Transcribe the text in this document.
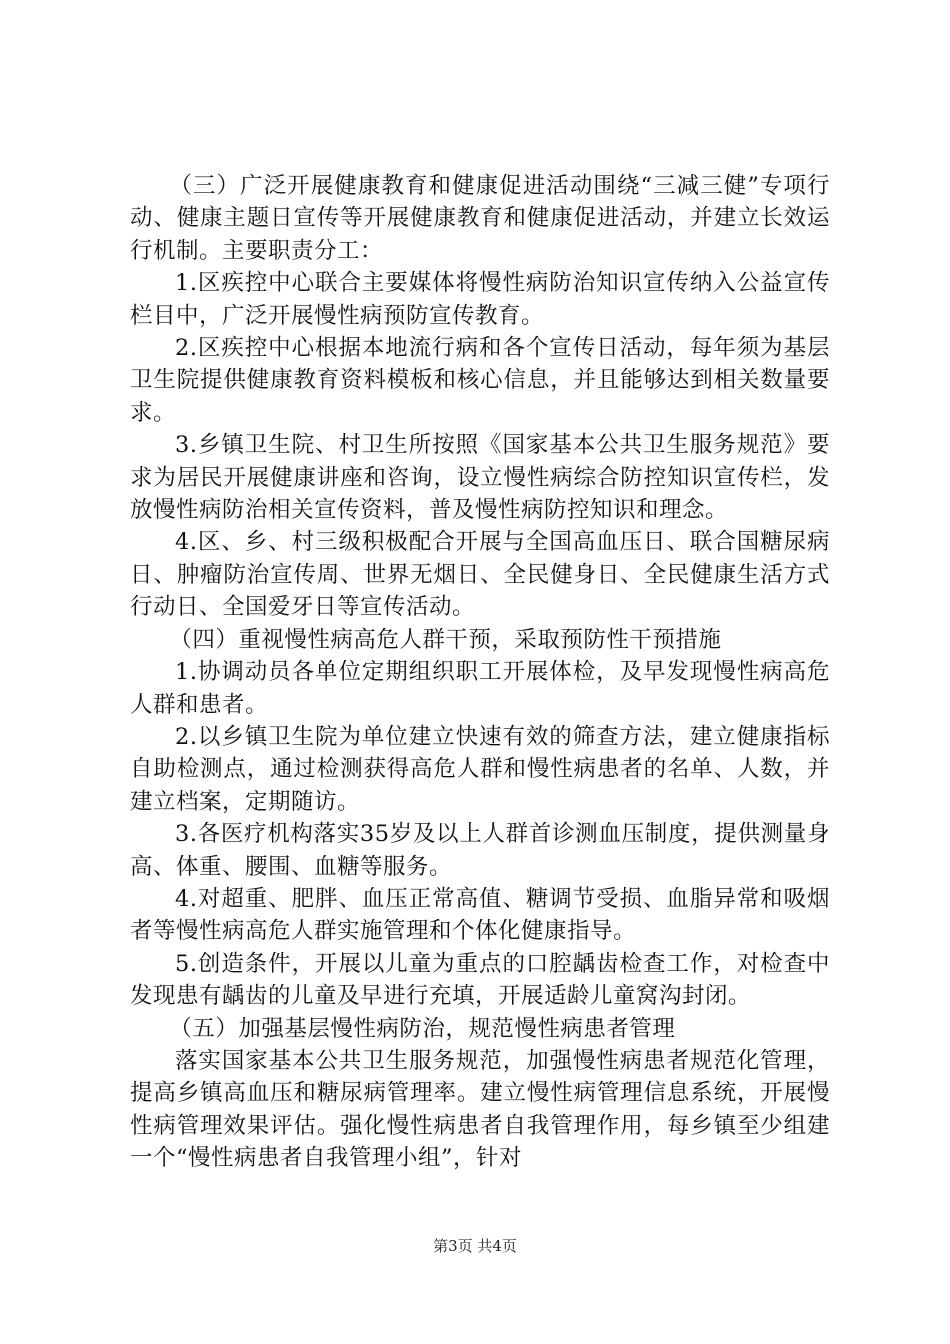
（三）广泛开展健康教育和健康促进活动围绕“三减三健”专项行动、健康主题日宣传等开展健康教育和健康促进活动，并建立长效运行机制。主要职责分工：

1.区疾控中心联合主要媒体将慢性病防治知识宣传纳入公益宣传栏目中，广泛开展慢性病预防宣传教育。

2.区疾控中心根据本地流行病和各个宣传日活动，每年须为基层卫生院提供健康教育资料模板和核心信息，并且能够达到相关数量要求。

3.乡镇卫生院、村卫生所按照《国家基本公共卫生服务规范》要求为居民开展健康讲座和咨询，设立慢性病综合防控知识宣传栏，发放慢性病防治相关宣传资料，普及慢性病防控知识和理念。

4.区、乡、村三级积极配合开展与全国高血压日、联合国糖尿病日、肿瘤防治宣传周、世界无烟日、全民健身日、全民健康生活方式行动日、全国爱牙日等宣传活动。

（四）重视慢性病高危人群干预，采取预防性干预措施

1.协调动员各单位定期组织职工开展体检，及早发现慢性病高危人群和患者。

2.以乡镇卫生院为单位建立快速有效的筛查方法，建立健康指标自助检测点，通过检测获得高危人群和慢性病患者的名单、人数，并建立档案，定期随访。

3.各医疗机构落实35岁及以上人群首诊测血压制度，提供测量身高、体重、腰围、血糖等服务。

4.对超重、肥胖、血压正常高值、糖调节受损、血脂异常和吸烟者等慢性病高危人群实施管理和个体化健康指导。

5.创造条件，开展以儿童为重点的口腔龋齿检查工作，对检查中发现患有龋齿的儿童及早进行充填，开展适龄儿童窝沟封闭。

（五）加强基层慢性病防治，规范慢性病患者管理

落实国家基本公共卫生服务规范，加强慢性病患者规范化管理，提高乡镇高血压和糖尿病管理率。建立慢性病管理信息系统，开展慢性病管理效果评估。强化慢性病患者自我管理作用，每乡镇至少组建一个“慢性病患者自我管理小组”，针对

第3页 共4页
